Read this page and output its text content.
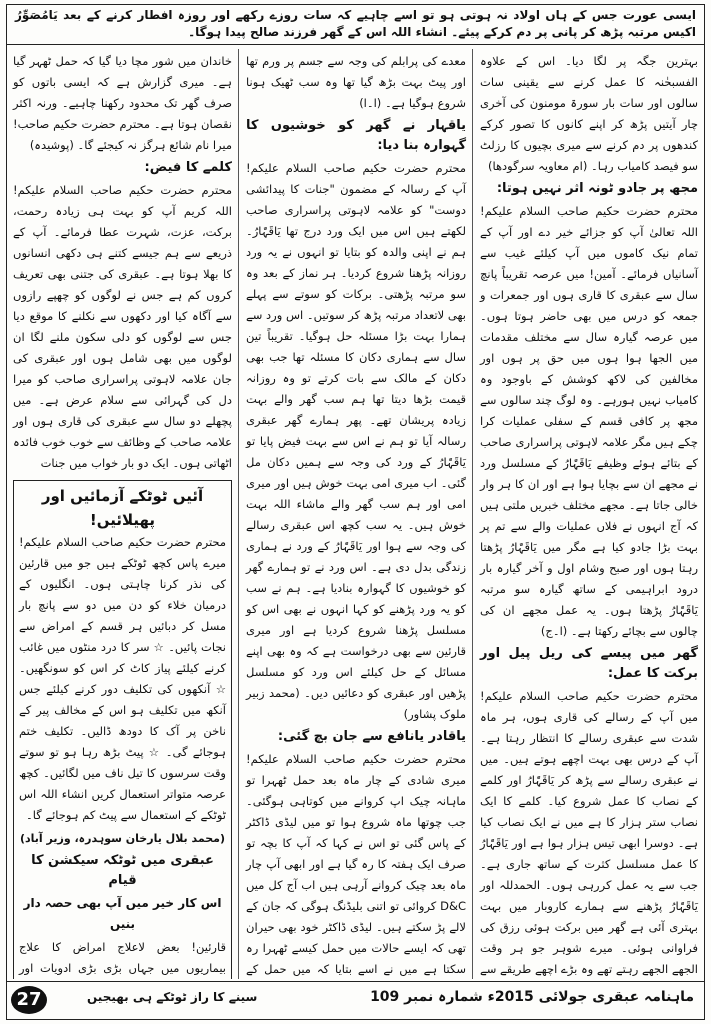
ایسی عورت جس کے ہاں اولاد نہ ہوتی ہو تو اسے چاہیے کہ سات روزے رکھے اور روزہ افطار کرنے کے بعد یَامُصَوِّرُ اکیس مرتبہ پڑھ کر پانی پر دم کرکے پیئے۔ انشاء اللہ اس کے گھر فرزند صالح پیدا ہوگا۔

بہترین جگہ پر لگا دیا۔ اس کے علاوہ الفسبحٰنہ کا عمل کرنے سے یقینی سات سالوں اور سات بار سورۃ مومنون کی آخری چار آیتیں پڑھ کر اپنے کانوں کا تصور کرکے کندھوں پر دم کرنے سے میری بچیوں کا رزلٹ سو فیصد کامیاب رہا۔ (ام معاویہ سرگودھا)

مجھ پر جادو ٹونہ اثر نہیں ہوتا:

محترم حضرت حکیم صاحب السلام علیکم! اللہ تعالیٰ آپ کو جزائے خیر دے اور آپ کے تمام نیک کاموں میں آپ کیلئے غیب سے آسانیاں فرمائے۔ آمین! میں عرصہ تقریباً پانچ سال سے عبقری کا قاری ہوں اور جمعرات و جمعہ کو درس میں بھی حاضر ہوتا ہوں۔ میں عرصہ گیارہ سال سے مختلف مقدمات میں الجھا ہوا ہوں میں حق پر ہوں اور مخالفین کی لاکھ کوشش کے باوجود وہ کامیاب نہیں ہورہے۔ وہ لوگ چند سالوں سے مجھ پر کافی قسم کے سفلی عملیات کرا چکے ہیں مگر علامہ لاہوتی پراسراری صاحب کے بتائے ہوئے وظیفے یَاقَہَّارُ کے مسلسل ورد نے مجھے ان سے بچایا ہوا ہے اور ان کا ہر وار خالی جاتا ہے۔ مجھے مختلف خبریں ملتی ہیں کہ آج انہوں نے فلاں عملیات والے سے تم پر بہت بڑا جادو کیا ہے مگر میں یَاقَہَّارُ پڑھتا رہتا ہوں اور صبح وشام اول و آخر گیارہ بار درود ابراہیمی کے ساتھ گیارہ سو مرتبہ یَاقَہَّارُ پڑھتا ہوں۔ یہ عمل مجھے ان کی چالوں سے بچائے رکھتا ہے۔ (ا۔ج)

گھر میں پیسے کی ریل پیل اور برکت کا عمل:

محترم حضرت حکیم صاحب السلام علیکم! میں آپ کے رسالے کی قاری ہوں، ہر ماہ شدت سے عبقری رسالے کا انتظار رہتا ہے۔ آپ کے درس بھی بہت اچھے ہوتے ہیں۔ میں نے عبقری رسالے سے پڑھ کر یَاقَہَّارُ اور کلمے کے نصاب کا عمل شروع کیا۔ کلمے کا ایک نصاب ستر ہزار کا ہے میں نے ایک نصاب کیا ہے۔ دوسرا ابھی تیس ہزار ہوا ہے اور یَاقَہَّارُ کا عمل مسلسل کثرت کے ساتھ جاری ہے۔ جب سے یہ عمل کررہی ہوں۔ الحمدللہ اور یَاقَہَّارُ پڑھنے سے ہمارے کاروبار میں بہت بہتری آئی ہے گھر میں برکت ہوئی رزق کی فراوانی ہوئی۔ میرے شوہر جو ہر وقت الجھے الجھے رہتے تھے وہ بڑے اچھے طریقے سے

معدے کی پرابلم کی وجہ سے جسم پر ورم تھا اور پیٹ بہت بڑھ گیا تھا وہ سب ٹھیک ہونا شروع ہوگیا ہے۔ (ا۔ا)

یاقہار نے گھر کو خوشیوں کا گہوارہ بنا دیا:

محترم حضرت حکیم صاحب السلام علیکم! آپ کے رسالہ کے مضمون "جنات کا پیدائشی دوست" کو علامہ لاہوتی پراسراری صاحب لکھتے ہیں اس میں ایک ورد درج تھا یَاقَہَّارُ۔ ہم نے اپنی والدہ کو بتایا تو انہوں نے یہ ورد روزانہ پڑھنا شروع کردیا۔ ہر نماز کے بعد وہ سو مرتبہ پڑھتی۔ برکات کو سوتے سے پہلے بھی لاتعداد مرتبہ پڑھ کر سوتیں۔ اس ورد سے ہمارا بہت بڑا مسئلہ حل ہوگیا۔ تقریباً تین سال سے ہماری دکان کا مسئلہ تھا جب بھی دکان کے مالک سے بات کرتے تو وہ روزانہ قیمت بڑھا دیتا تھا ہم سب گھر والے بہت زیادہ پریشان تھے۔ پھر ہمارے گھر عبقری رسالہ آیا تو ہم نے اس سے بہت فیض پایا تو یَاقَہَّارُ کے ورد کی وجہ سے ہمیں دکان مل گئی۔ اب میری امی بہت خوش ہیں اور میری امی اور ہم سب گھر والے ماشاء اللہ بہت خوش ہیں۔ یہ سب کچھ اس عبقری رسالے کی وجہ سے ہوا اور یَاقَہَّارُ کے ورد نے ہماری زندگی بدل دی ہے۔ اس ورد نے تو ہمارے گھر کو خوشیوں کا گہوارہ بنادیا ہے۔ ہم نے سب کو یہ ورد پڑھنے کو کہا انہوں نے بھی اس کو مسلسل پڑھنا شروع کردیا ہے اور میری قارئین سے بھی درخواست ہے کہ وہ بھی اپنے مسائل کے حل کیلئے اس ورد کو مسلسل پڑھیں اور عبقری کو دعائیں دیں۔ (محمد زبیر ملوک پشاور)

یاقادر یانافع سے جان بچ گئی:

محترم حضرت حکیم صاحب السلام علیکم! میری شادی کے چار ماہ بعد حمل ٹھہرا تو ماہانہ چیک اپ کروانے میں کوتاہی ہوگئی۔ جب چوتھا ماہ شروع ہوا تو میں لیڈی ڈاکٹر کے پاس گئی تو اس نے کہا کہ آپ کا بچہ تو صرف ایک ہفتہ کا رہ گیا ہے اور ابھی آپ چار ماہ بعد چیک کروانے آرہی ہیں اب آج کل میں D&C کروائی تو اتنی بلیڈنگ ہوگی کہ جان کے لالے پڑ سکتے ہیں۔ لیڈی ڈاکٹر خود بھی حیران تھی کہ ایسے حالات میں حمل کیسے ٹھہرا رہ سکتا ہے میں نے اسے بتایا کہ میں حمل کے

خاندان میں شور مچا دیا گیا کہ حمل ٹھہر گیا ہے۔ میری گزارش ہے کہ ایسی باتوں کو صرف گھر تک محدود رکھنا چاہیے۔ ورنہ اکثر نقصان ہوتا ہے۔ محترم حضرت حکیم صاحب! میرا نام شائع ہرگز نہ کیجئے گا۔ (پوشیدہ)

کلمے کا فیض:

محترم حضرت حکیم صاحب السلام علیکم! اللہ کریم آپ کو بہت ہی زیادہ رحمت، برکت، عزت، شہرت عطا فرمائے۔ آپ کے ذریعے سے ہم جیسے کتنے ہی دکھی انسانوں کا بھلا ہوتا ہے۔ عبقری کی جتنی بھی تعریف کروں کم ہے جس نے لوگوں کو چھپے رازوں سے آگاہ کیا اور دکھوں سے نکلنے کا موقع دیا جس سے لوگوں کو دلی سکون ملنے لگا ان لوگوں میں بھی شامل ہوں اور عبقری کی جان علامہ لاہوتی پراسراری صاحب کو میرا دل کی گہرائی سے سلام عرض ہے۔ میں پچھلے دو سال سے عبقری کی قاری ہوں اور علامہ صاحب کے وظائف سے خوب خوب فائدہ اٹھاتی ہوں۔ ایک دو بار خواب میں جنات

آئیں ٹوٹکے آزمائیں اور پھیلائیں!

محترم حضرت حکیم صاحب السلام علیکم! میرے پاس کچھ ٹوٹکے ہیں جو میں قارئین کی نذر کرنا چاہتی ہوں۔ انگلیوں کے درمیان خلاء کو دن میں دو سے پانچ بار مسل کر دبائیں ہر قسم کے امراض سے نجات پائیں۔ ☆ سر کا درد منٹوں میں غائب کرنے کیلئے پیاز کاٹ کر اس کو سونگھیں۔ ☆ آنکھوں کی تکلیف دور کرنے کیلئے جس آنکھ میں تکلیف ہو اس کے مخالف پیر کے ناخن پر آک کا دودھ ڈالیں۔ تکلیف ختم ہوجائے گی۔ ☆ پیٹ بڑھ رہا ہو تو سوتے وقت سرسوں کا تیل ناف میں لگائیں۔ کچھ عرصہ متواتر استعمال کریں انشاء اللہ اس ٹوٹکے کے استعمال سے پیٹ کم ہوجائے گا۔

(محمد بلال یارخان سوہدرہ، وزیر آباد)
عبقری میں ٹوٹکہ سیکشن کا قیام
اس کار خیر میں آپ بھی حصہ دار بنیں

قارئین! بعض لاعلاج امراض کا علاج بیماریوں میں جہاں بڑی بڑی ادویات اور

ماہنامہ عبقری جولائی 2015ء شمارہ نمبر 109
سینے کا راز ٹوٹکے ہی بھیجیں
27
